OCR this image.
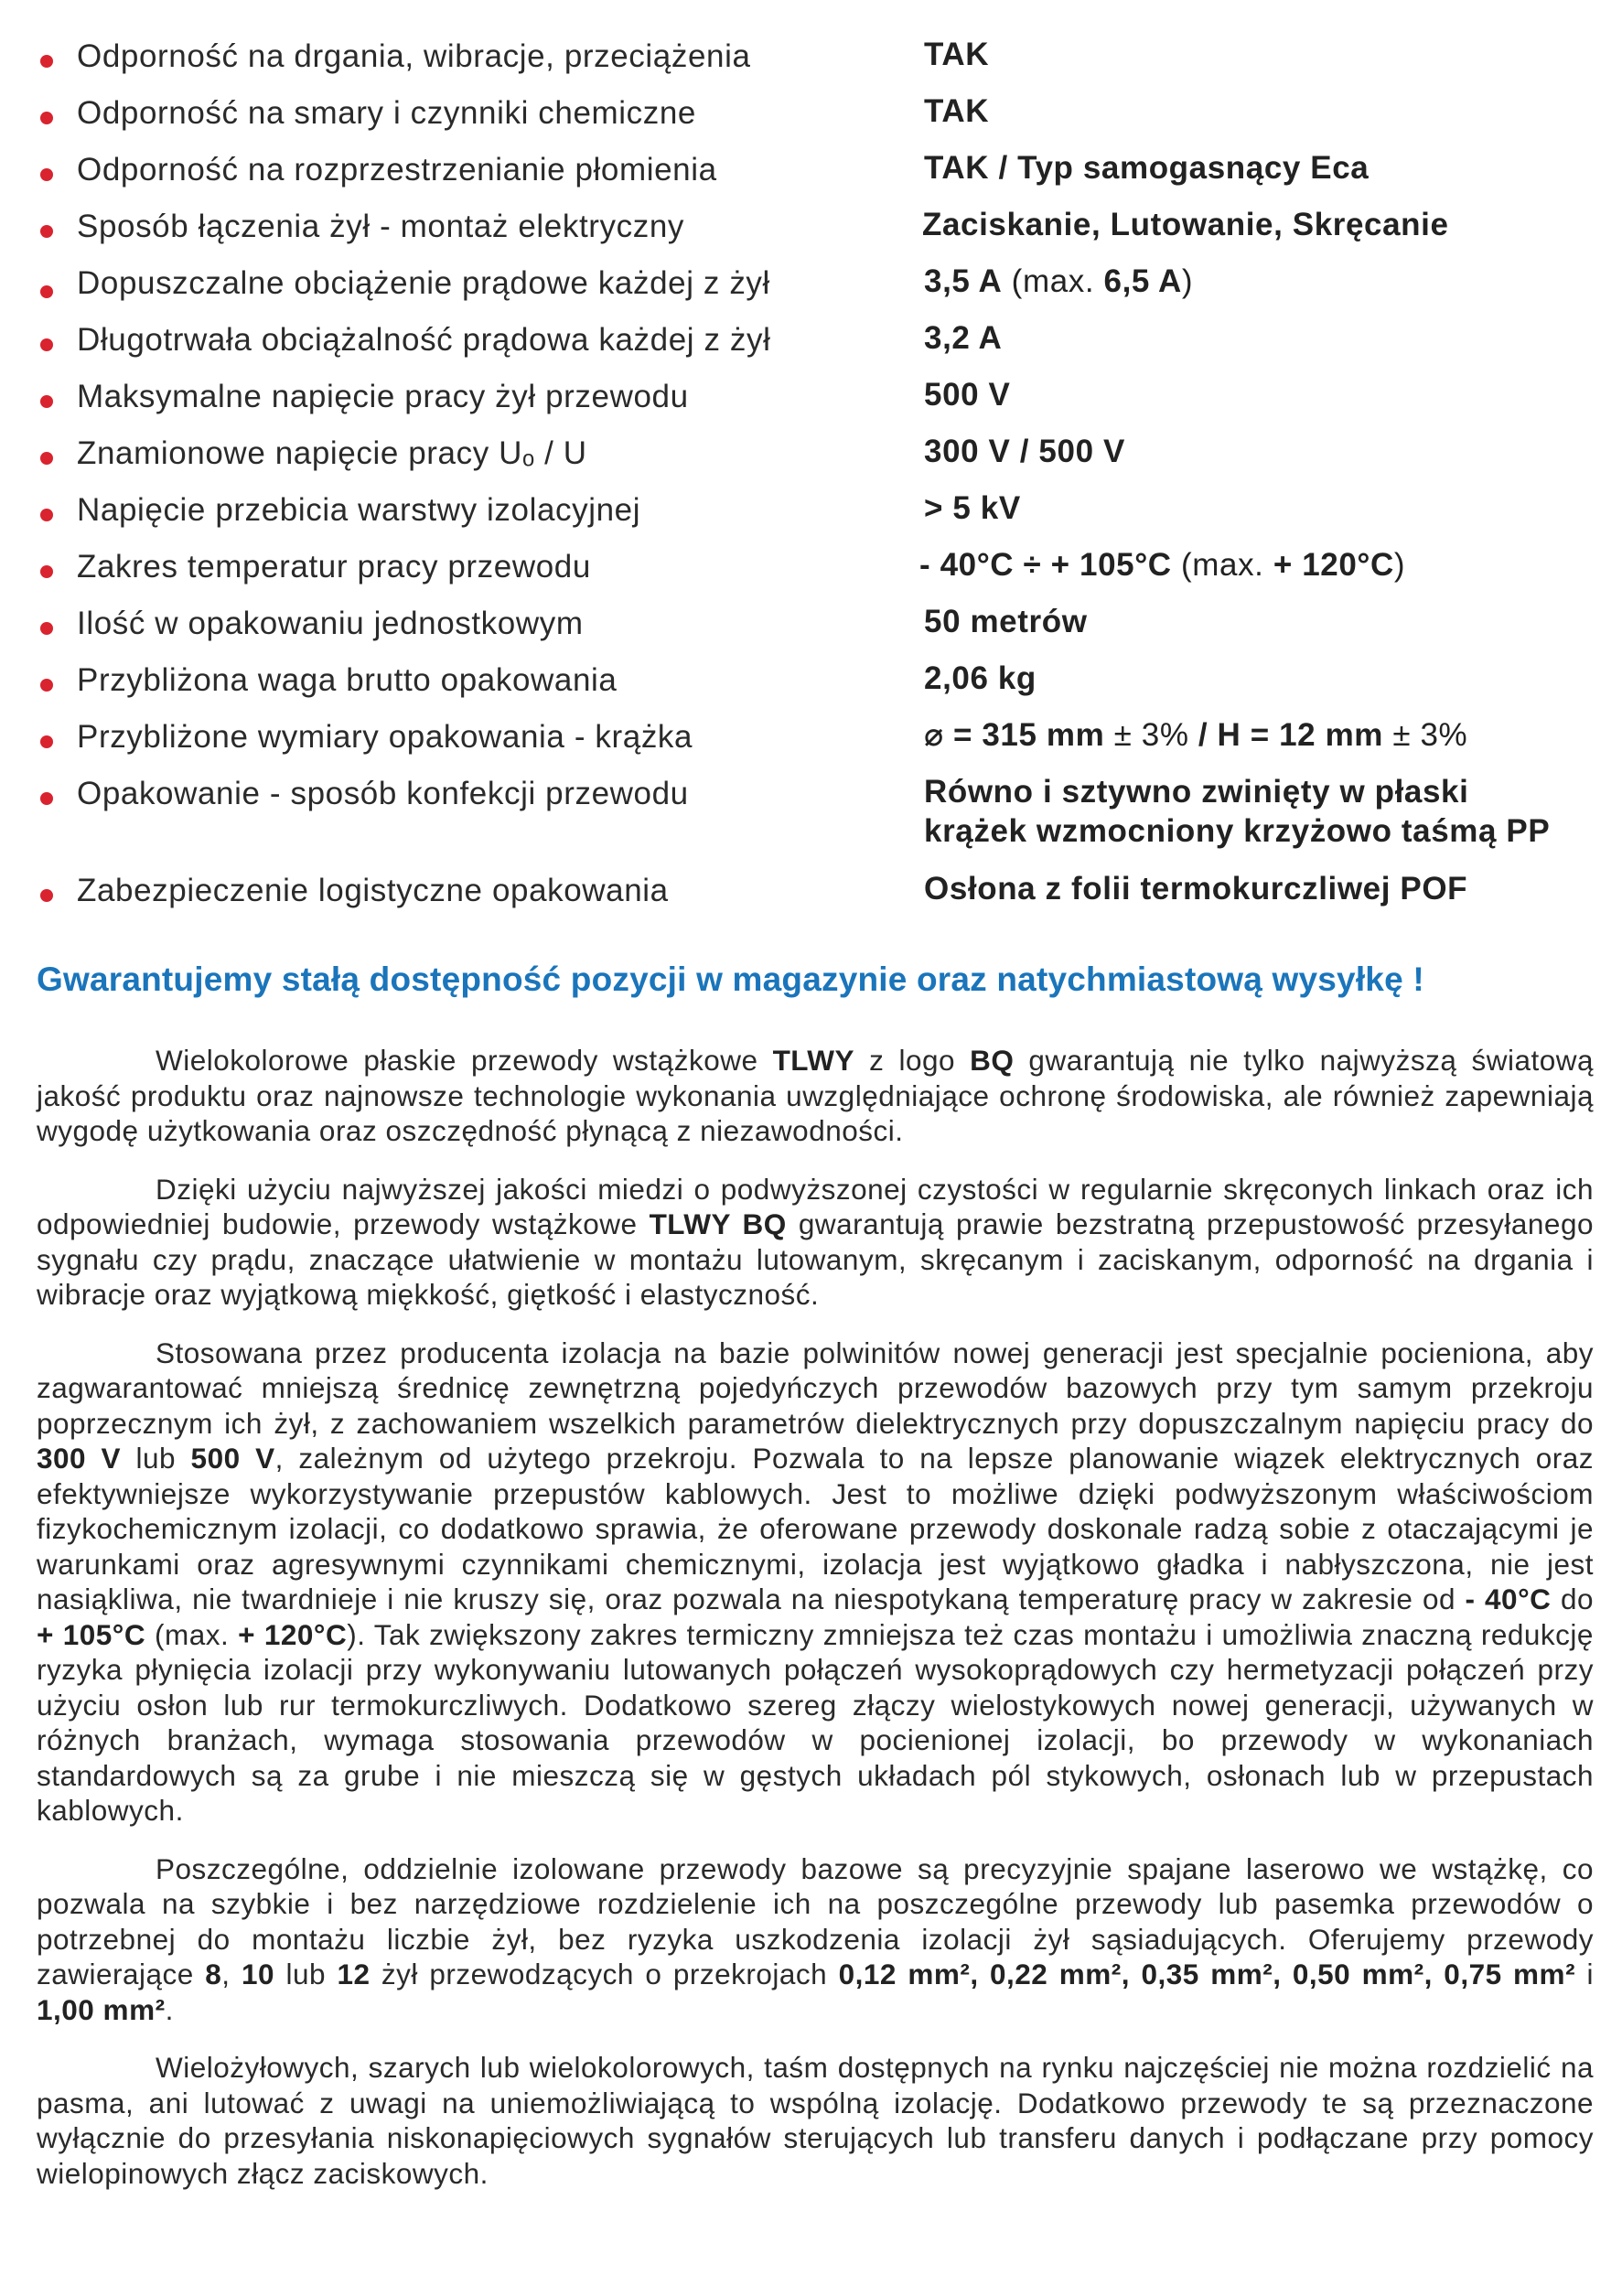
Odporność na drgania, wibracje, przeciążenia	TAK
Odporność na smary i czynniki chemiczne	TAK
Odporność na rozprzestrzenianie płomienia	TAK / Typ samogasnący Eca
Sposób łączenia żył - montaż elektryczny	Zaciskanie, Lutowanie, Skręcanie
Dopuszczalne obciążenie prądowe każdej z żył	3,5 A (max. 6,5 A)
Długotrwała obciążalność prądowa każdej z żył	3,2 A
Maksymalne napięcie pracy żył przewodu	500 V
Znamionowe napięcie pracy Uₒ / U	300 V / 500 V
Napięcie przebicia warstwy izolacyjnej	> 5 kV
Zakres temperatur pracy przewodu	- 40°C ÷ + 105°C (max. + 120°C)
Ilość w opakowaniu jednostkowym	50 metrów
Przybliżona waga brutto opakowania	2,06 kg
Przybliżone wymiary opakowania - krążka	⌀ = 315 mm ± 3% / H = 12 mm ± 3%
Opakowanie - sposób konfekcji przewodu	Równo i sztywno zwinięty w płaski
krążek wzmocniony krzyżowo taśmą PP
Zabezpieczenie logistyczne opakowania	Osłona z folii termokurczliwej POF
Gwarantujemy stałą dostępność pozycji w magazynie oraz natychmiastową wysyłkę !

Wielokolorowe płaskie przewody wstążkowe TLWY z logo BQ gwarantują nie tylko najwyższą światową jakość produktu oraz najnowsze technologie wykonania uwzględniające ochronę środowiska, ale również zapewniają wygodę użytkowania oraz oszczędność płynącą z niezawodności.

Dzięki użyciu najwyższej jakości miedzi o podwyższonej czystości w regularnie skręconych linkach oraz ich odpowiedniej budowie, przewody wstążkowe TLWY BQ gwarantują prawie bezstratną przepustowość przesyłanego sygnału czy prądu, znaczące ułatwienie w montażu lutowanym, skręcanym i zaciskanym, odporność na drgania i wibracje oraz wyjątkową miękkość, giętkość i elastyczność.

Stosowana przez producenta izolacja na bazie polwinitów nowej generacji jest specjalnie pocieniona, aby zagwarantować mniejszą średnicę zewnętrzną pojedyńczych przewodów bazowych przy tym samym przekroju poprzecznym ich żył, z zachowaniem wszelkich parametrów dielektrycznych przy dopuszczalnym napięciu pracy do 300 V lub 500 V, zależnym od użytego przekroju. Pozwala to na lepsze planowanie wiązek elektrycznych oraz efektywniejsze wykorzystywanie przepustów kablowych. Jest to możliwe dzięki podwyższonym właściwościom fizykochemicznym izolacji, co dodatkowo sprawia, że oferowane przewody doskonale radzą sobie z otaczającymi je warunkami oraz agresywnymi czynnikami chemicznymi, izolacja jest wyjątkowo gładka i nabłyszczona, nie jest nasiąkliwa, nie twardnieje i nie kruszy się, oraz pozwala na niespotykaną temperaturę pracy w zakresie od - 40°C do + 105°C (max. + 120°C). Tak zwiększony zakres termiczny zmniejsza też czas montażu i umożliwia znaczną redukcję ryzyka płynięcia izolacji przy wykonywaniu lutowanych połączeń wysokoprądowych czy hermetyzacji połączeń przy użyciu osłon lub rur termokurczliwych. Dodatkowo szereg złączy wielostykowych nowej generacji, używanych w różnych branżach, wymaga stosowania przewodów w pocienionej izolacji, bo przewody w wykonaniach standardowych są za grube i nie mieszczą się w gęstych układach pól stykowych, osłonach lub w przepustach kablowych.

Poszczególne, oddzielnie izolowane przewody bazowe są precyzyjnie spajane laserowo we wstążkę, co pozwala na szybkie i bez narzędziowe rozdzielenie ich na poszczególne przewody lub pasemka przewodów o potrzebnej do montażu liczbie żył, bez ryzyka uszkodzenia izolacji żył sąsiadujących. Oferujemy przewody zawierające 8, 10 lub 12 żył przewodzących o przekrojach 0,12 mm², 0,22 mm², 0,35 mm², 0,50 mm², 0,75 mm² i 1,00 mm².

Wielożyłowych, szarych lub wielokolorowych, taśm dostępnych na rynku najczęściej nie można rozdzielić na pasma, ani lutować z uwagi na uniemożliwiającą to wspólną izolację. Dodatkowo przewody te są przeznaczone wyłącznie do przesyłania niskonapięciowych sygnałów sterujących lub transferu danych i podłączane przy pomocy wielopinowych złącz zaciskowych.
